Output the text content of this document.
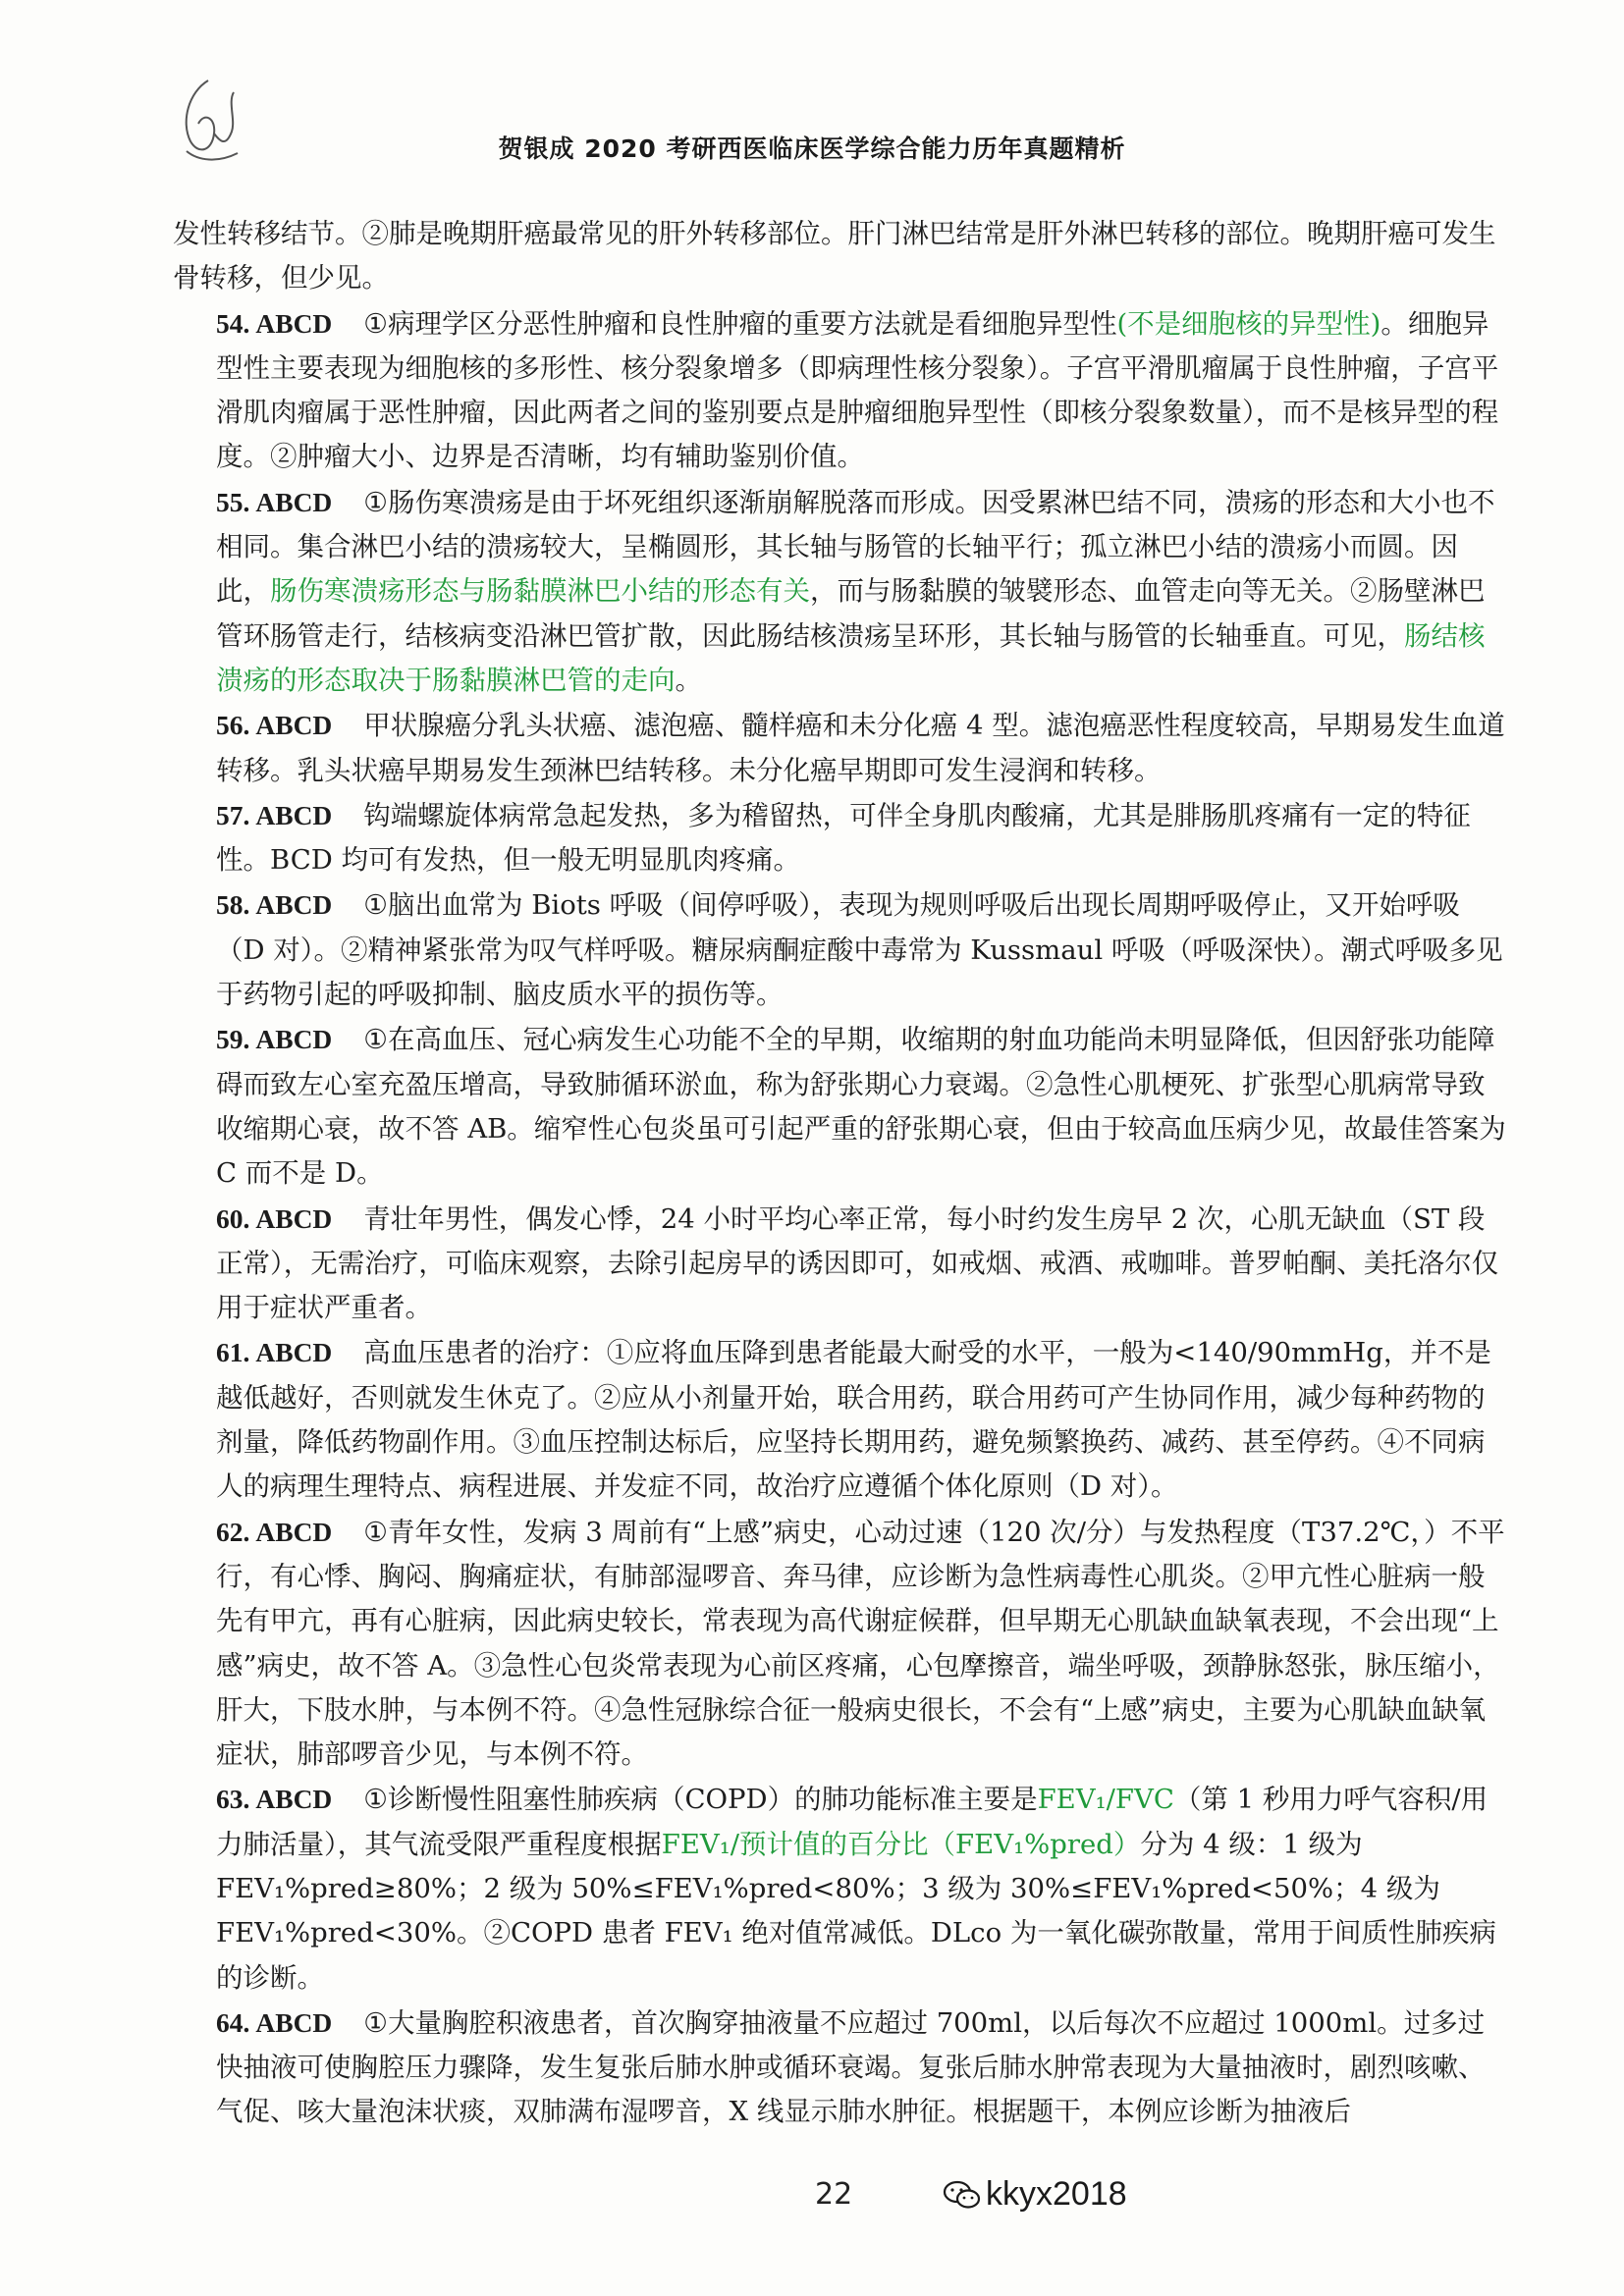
贺银成 2020 考研西医临床医学综合能力历年真题精析

发性转移结节。②肺是晚期肝癌最常见的肝外转移部位。肝门淋巴结常是肝外淋巴转移的部位。晚期肝癌可发生骨转移，但少见。

54. ABCD ①病理学区分恶性肿瘤和良性肿瘤的重要方法就是看细胞异型性(不是细胞核的异型性)。细胞异型性主要表现为细胞核的多形性、核分裂象增多（即病理性核分裂象）。子宫平滑肌瘤属于良性肿瘤，子宫平滑肌肉瘤属于恶性肿瘤，因此两者之间的鉴别要点是肿瘤细胞异型性（即核分裂象数量），而不是核异型的程度。②肿瘤大小、边界是否清晰，均有辅助鉴别价值。
55. ABCD ①肠伤寒溃疡是由于坏死组织逐渐崩解脱落而形成。因受累淋巴结不同，溃疡的形态和大小也不相同。集合淋巴小结的溃疡较大，呈椭圆形，其长轴与肠管的长轴平行；孤立淋巴小结的溃疡小而圆。因此，肠伤寒溃疡形态与肠黏膜淋巴小结的形态有关，而与肠黏膜的皱襞形态、血管走向等无关。②肠壁淋巴管环肠管走行，结核病变沿淋巴管扩散，因此肠结核溃疡呈环形，其长轴与肠管的长轴垂直。可见，肠结核溃疡的形态取决于肠黏膜淋巴管的走向。
56. ABCD 甲状腺癌分乳头状癌、滤泡癌、髓样癌和未分化癌 4 型。滤泡癌恶性程度较高，早期易发生血道转移。乳头状癌早期易发生颈淋巴结转移。未分化癌早期即可发生浸润和转移。
57. ABCD 钩端螺旋体病常急起发热，多为稽留热，可伴全身肌肉酸痛，尤其是腓肠肌疼痛有一定的特征性。BCD 均可有发热，但一般无明显肌肉疼痛。
58. ABCD ①脑出血常为 Biots 呼吸（间停呼吸），表现为规则呼吸后出现长周期呼吸停止，又开始呼吸（D 对）。②精神紧张常为叹气样呼吸。糖尿病酮症酸中毒常为 Kussmaul 呼吸（呼吸深快）。潮式呼吸多见于药物引起的呼吸抑制、脑皮质水平的损伤等。
59. ABCD ①在高血压、冠心病发生心功能不全的早期，收缩期的射血功能尚未明显降低，但因舒张功能障碍而致左心室充盈压增高，导致肺循环淤血，称为舒张期心力衰竭。②急性心肌梗死、扩张型心肌病常导致收缩期心衰，故不答 AB。缩窄性心包炎虽可引起严重的舒张期心衰，但由于较高血压病少见，故最佳答案为 C 而不是 D。
60. ABCD 青壮年男性，偶发心悸，24 小时平均心率正常，每小时约发生房早 2 次，心肌无缺血（ST 段正常），无需治疗，可临床观察，去除引起房早的诱因即可，如戒烟、戒酒、戒咖啡。普罗帕酮、美托洛尔仅用于症状严重者。
61. ABCD 高血压患者的治疗：①应将血压降到患者能最大耐受的水平，一般为<140/90mmHg，并不是越低越好，否则就发生休克了。②应从小剂量开始，联合用药，联合用药可产生协同作用，减少每种药物的剂量，降低药物副作用。③血压控制达标后，应坚持长期用药，避免频繁换药、减药、甚至停药。④不同病人的病理生理特点、病程进展、并发症不同，故治疗应遵循个体化原则（D 对）。
62. ABCD ①青年女性，发病 3 周前有“上感”病史，心动过速（120 次/分）与发热程度（T37.2℃，）不平行，有心悸、胸闷、胸痛症状，有肺部湿啰音、奔马律，应诊断为急性病毒性心肌炎。②甲亢性心脏病一般先有甲亢，再有心脏病，因此病史较长，常表现为高代谢症候群，但早期无心肌缺血缺氧表现，不会出现“上感”病史，故不答 A。③急性心包炎常表现为心前区疼痛，心包摩擦音，端坐呼吸，颈静脉怒张，脉压缩小，肝大，下肢水肿，与本例不符。④急性冠脉综合征一般病史很长，不会有“上感”病史，主要为心肌缺血缺氧症状，肺部啰音少见，与本例不符。
63. ABCD ①诊断慢性阻塞性肺疾病（COPD）的肺功能标准主要是FEV₁/FVC（第 1 秒用力呼气容积/用力肺活量），其气流受限严重程度根据FEV₁/预计值的百分比（FEV₁%pred）分为 4 级：1 级为 FEV₁%pred≥80%；2 级为 50%≤FEV₁%pred<80%；3 级为 30%≤FEV₁%pred<50%；4 级为 FEV₁%pred<30%。②COPD 患者 FEV₁ 绝对值常减低。DLco 为一氧化碳弥散量，常用于间质性肺疾病的诊断。
64. ABCD ①大量胸腔积液患者，首次胸穿抽液量不应超过 700ml，以后每次不应超过 1000ml。过多过快抽液可使胸腔压力骤降，发生复张后肺水肿或循环衰竭。复张后肺水肿常表现为大量抽液时，剧烈咳嗽、气促、咳大量泡沫状痰，双肺满布湿啰音，X 线显示肺水肿征。根据题干，本例应诊断为抽液后
22	kkyx2018
